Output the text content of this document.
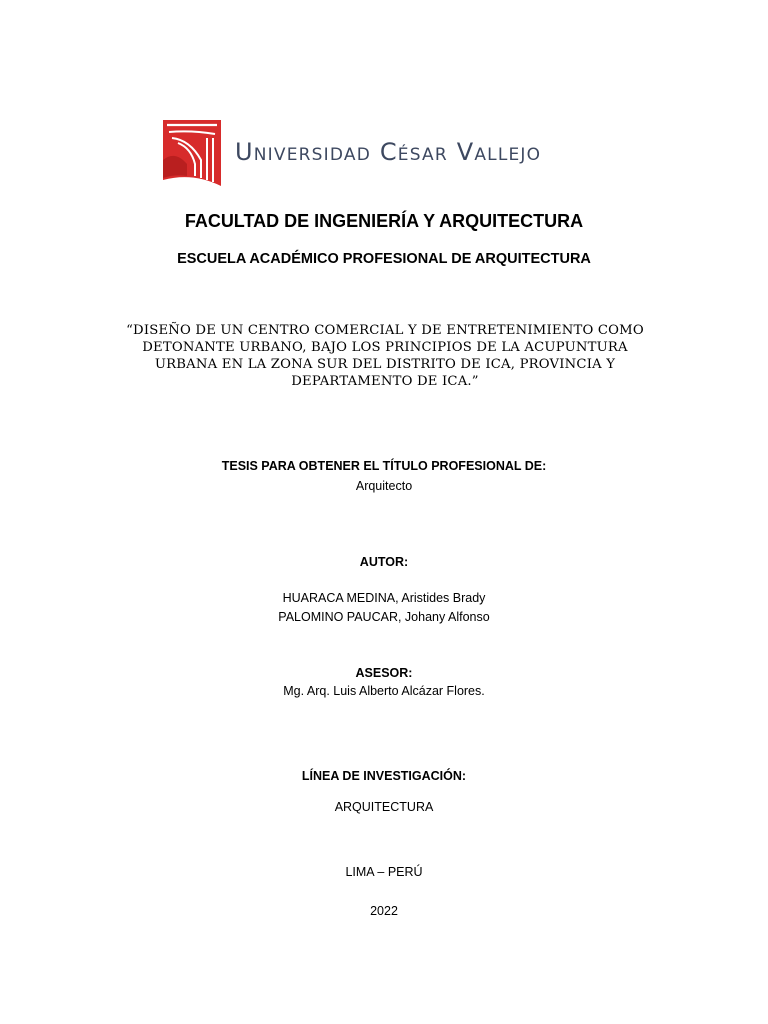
Universidad César Vallejo
FACULTAD DE INGENIERÍA Y ARQUITECTURA
ESCUELA ACADÉMICO PROFESIONAL DE ARQUITECTURA
“DISEÑO DE UN CENTRO COMERCIAL Y DE ENTRETENIMIENTO COMO DETONANTE URBANO, BAJO LOS PRINCIPIOS DE LA ACUPUNTURA URBANA EN LA ZONA SUR DEL DISTRITO DE ICA, PROVINCIA Y DEPARTAMENTO DE ICA.”
TESIS PARA OBTENER EL TÍTULO PROFESIONAL DE:
Arquitecto
AUTOR:
HUARACA MEDINA, Aristides Brady
PALOMINO PAUCAR, Johany Alfonso
ASESOR:
Mg. Arq. Luis Alberto Alcázar Flores.
LÍNEA DE INVESTIGACIÓN:
ARQUITECTURA
LIMA – PERÚ
2022
